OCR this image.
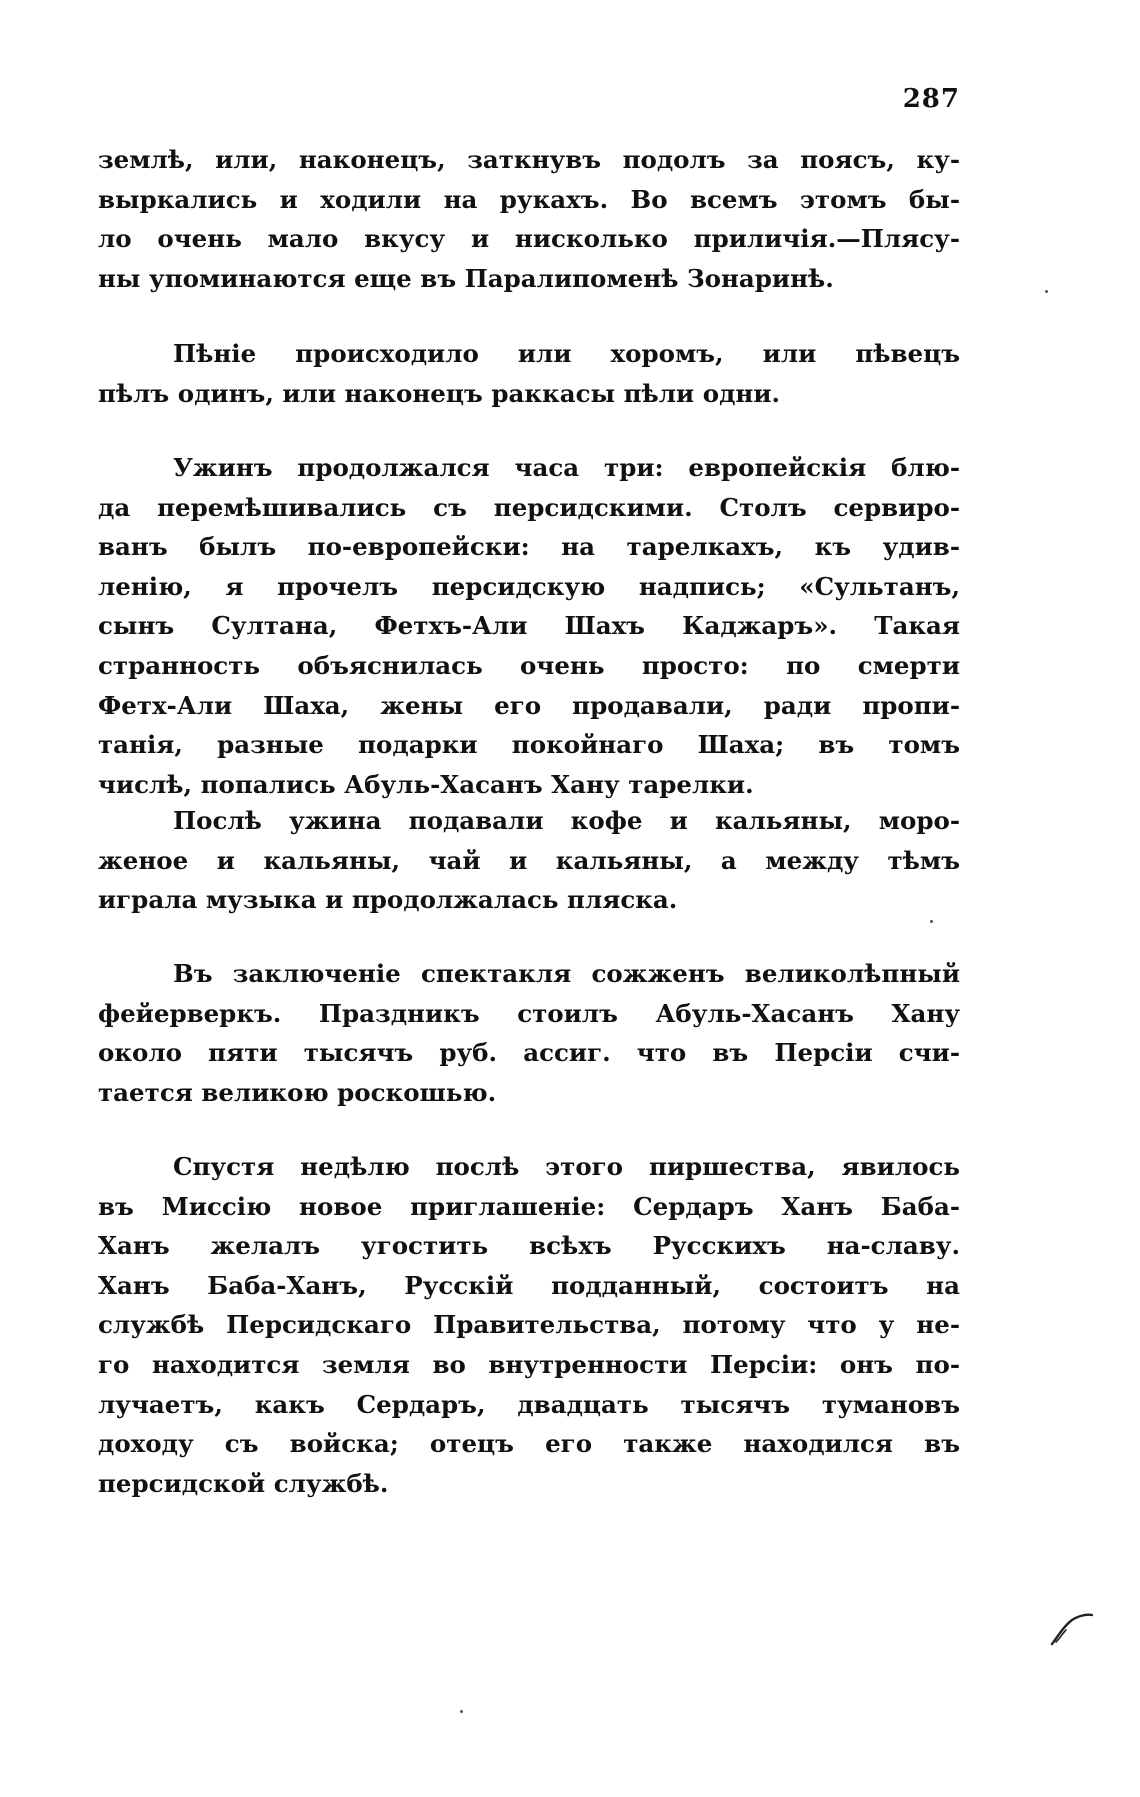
287
землѣ, или, наконецъ, заткнувъ подолъ за поясъ, ку-
выркались и ходили на рукахъ. Во всемъ этомъ бы-
ло очень мало вкусу и нисколько приличія.—Плясу-
ны упоминаются еще въ Паралипоменѣ Зонаринѣ.
Пѣніе происходило или хоромъ, или пѣвецъ
пѣлъ одинъ, или наконецъ раккасы пѣли одни.
Ужинъ продолжался часа три: европейскія блю-
да перемѣшивались съ персидскими. Столъ сервиро-
ванъ былъ по-европейски: на тарелкахъ, къ удив-
ленію, я прочелъ персидскую надпись; «Сультанъ,
сынъ Султана, Фетхъ-Али Шахъ Каджаръ». Такая
странность объяснилась очень просто: по смерти
Фетх-Али Шаха, жены его продавали, ради пропи-
танія, разные подарки покойнаго Шаха; въ томъ
числѣ, попались Абуль-Хасанъ Хану тарелки.
Послѣ ужина подавали кофе и кальяны, моро-
женое и кальяны, чай и кальяны, а между тѣмъ
играла музыка и продолжалась пляска.
Въ заключеніе спектакля сожженъ великолѣпный
фейерверкъ. Праздникъ стоилъ Абуль-Хасанъ Хану
около пяти тысячъ руб. ассиг. что въ Персіи счи-
тается великою роскошью.
Спустя недѣлю послѣ этого пиршества, явилось
въ Миссію новое приглашеніе: Сердаръ Ханъ Баба-
Ханъ желалъ угостить всѣхъ Русскихъ на-славу.
Ханъ Баба-Ханъ, Русскій подданный, состоитъ на
службѣ Персидскаго Правительства, потому что у не-
го находится земля во внутренности Персіи: онъ по-
лучаетъ, какъ Сердаръ, двадцать тысячъ тумановъ
доходу съ войска; отецъ его также находился въ
персидской службѣ.
